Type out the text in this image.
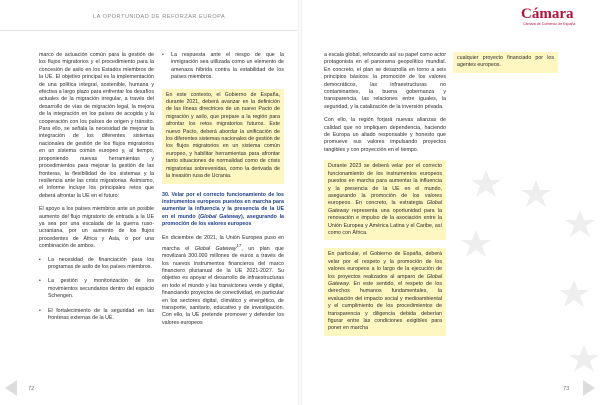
LA OPORTUNIDAD DE REFORZAR EUROPA	Cámara
Cámara de Comercio de España

marco de actuación común para la gestión de los flujos migratorios y el procedimiento para la concesión de asilo en los Estados miembros de la UE. El objetivo principal es la implementación de una política integral, sostenible, humana y efectiva a largo plazo para enfrentar los desafíos actuales de la migración irregular, a través del desarrollo de vías de migración legal, la mejora de la integración en los países de acogida y la cooperación con los países de origen y tránsito. Para ello, se señala la necesidad de mejorar la integración de los diferentes sistemas nacionales de gestión de los flujos migratorios en un sistema común europeo y, al tiempo, proponiendo nuevas herramientas y procedimientos para mejorar la gestión de las fronteras, la flexibilidad de los sistemas y la resiliencia ante las crisis migratorias. Asimismo, el informe incluye los principales retos que deberá afrontar la UE en el futuro:

El apoyo a los países miembros ante un posible aumento del flujo migratorio de entrada a la UE ya sea por una escalada de la guerra ruso-ucraniana, por un aumento de los flujos procedentes de África y Asia, o por una combinación de ambos.

•	La necesidad de financiación para los programas de asilo de los países miembros.
•	La gestión y monitorización de los movimientos secundarios dentro del espacio Schengen.
•	El fortalecimiento de la seguridad en las fronteras externas de la UE.
•	La respuesta ante el riesgo de que la inmigración sea utilizada como un elemento de amenaza híbrida contra la estabilidad de los países miembros.
En este contexto, el Gobierno de España, durante 2021, deberá avanzar en la definición de las líneas directrices de un nuevo Pacto de migración y asilo, que prepare a la región para afrontar los retos migratorios futuros. Este nuevo Pacto, deberá abordar la unificación de los diferentes sistemas nacionales de gestión de los flujos migratorios en un sistema común europeo, y habilitar herramientas para afrontar tanto situaciones de normalidad como de crisis migratorias sobrevenidas, como la derivada de la invasión rusa de Ucrania.

30. Velar por el correcto funcionamiento de los instrumentos europeos puestos en marcha para aumentar la influencia y la presencia de la UE en el mundo (Global Gateway), asegurando la promoción de los valores europeos

En diciembre de 2021, la Unión Europea puso en marcha el Global Gateway$^{17}$, un plan que movilizará 300.000 millones de euros a través de los nuevos instrumentos financieros del marco financiero plurianual de la UE 2021-2027. Su objetivo es apoyar el desarrollo de infraestructuras en todo el mundo y las transiciones verde y digital, financiando proyectos de conectividad, en particular en los sectores digital, climático y energético, de transporte, sanitario, educativo y de investigación. Con ello, la UE pretende promover y defender los valores europeos

a escala global, reforzando así su papel como actor protagonista en el panorama geopolítico mundial. En concreto, el plan se desarrolla en torno a seis principios básicos: la promoción de los valores democráticos, las infraestructuras no contaminantes, la buena gobernanza y transparencia, las relaciones entre iguales, la seguridad, y la catalización de la inversión privada.

Con ello, la región forjará nuevas alianzas de calidad que no impliquen dependencia, haciendo de Europa un aliado responsable y honesto que promueve sus valores impulsando proyectos tangibles y con proyección en el tiempo.

Durante 2023 se deberá velar por el correcto funcionamiento de los instrumentos europeos puestos en marcha para aumentar la influencia y la presencia de la UE en el mundo, asegurando la promoción de los valores europeos. En concreto, la estrategia Global Gateway representa una oportunidad para la renovación e impulso de la asociación entre la Unión Europea y América Latina y el Caribe, así como con África.
En particular, el Gobierno de España, deberá velar por el respeto y la promoción de los valores europeos a lo largo de la ejecución de los proyectos realizados al amparo de Global Gateway. En este sentido, el respeto de los derechos humanos fundamentales, la evaluación del impacto social y medioambiental y el cumplimiento de los procedimientos de transparencia y diligencia debida deberían figurar entre las condiciones exigibles para poner en marcha
cualquier proyecto financiado por los agentes europeos.
72	73
